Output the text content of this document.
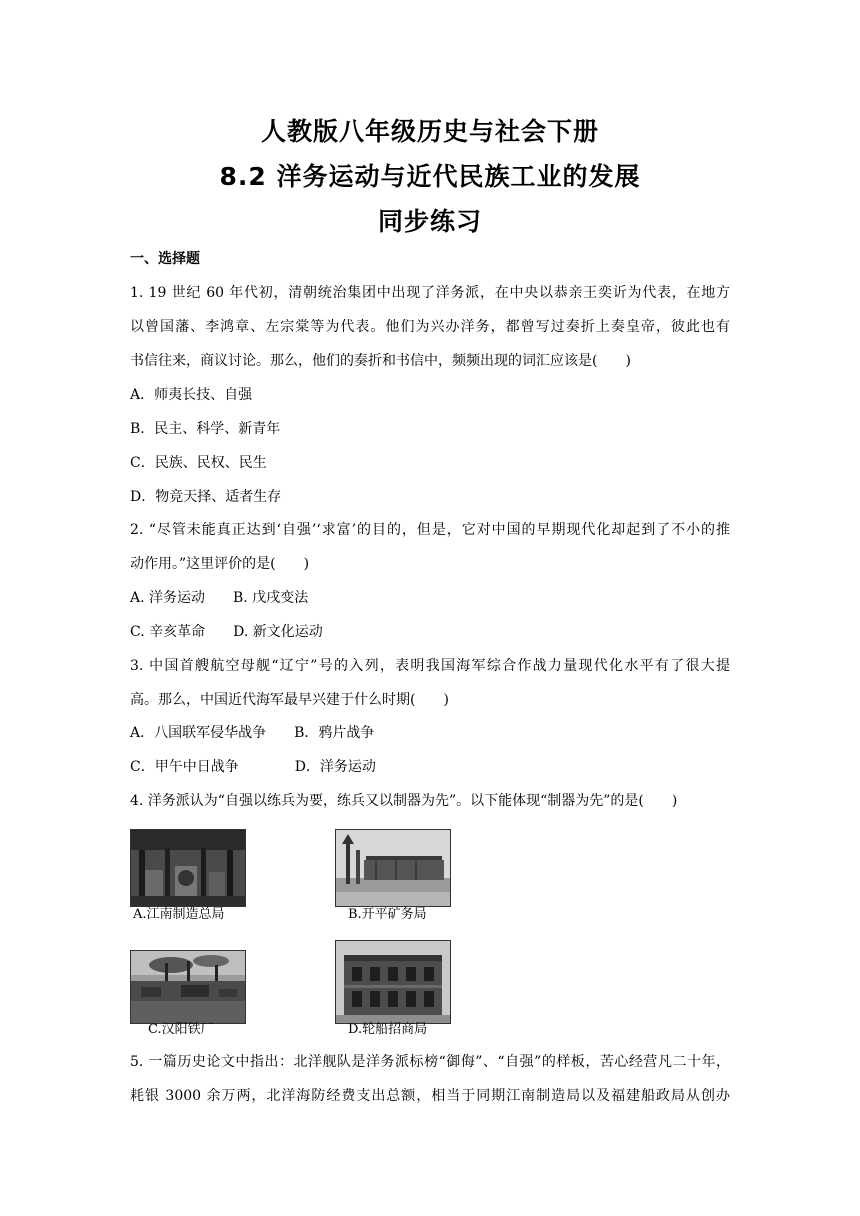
人教版八年级历史与社会下册
8.2 洋务运动与近代民族工业的发展
同步练习
一、选择题
1. 19 世纪 60 年代初，清朝统治集团中出现了洋务派，在中央以恭亲王奕䜣为代表，在地方
以曾国藩、李鸿章、左宗棠等为代表。他们为兴办洋务，都曾写过奏折上奏皇帝，彼此也有
书信往来，商议讨论。那么，他们的奏折和书信中，频频出现的词汇应该是(　　)
A．师夷长技、自强
B．民主、科学、新青年
C．民族、民权、民生
D．物竞天择、适者生存
2. “尽管未能真正达到‘自强’‘求富’的目的，但是，它对中国的早期现代化却起到了不小的推
动作用。”这里评价的是(　　)
A. 洋务运动　　B. 戊戌变法
C. 辛亥革命　　D. 新文化运动
3. 中国首艘航空母舰“辽宁”号的入列，表明我国海军综合作战力量现代化水平有了很大提
高。那么，中国近代海军最早兴建于什么时期(　　)
A．八国联军侵华战争　　B．鸦片战争
C．甲午中日战争　　　　D．洋务运动
4. 洋务派认为“自强以练兵为要，练兵又以制器为先”。以下能体现“制器为先”的是(　　)
A.江南制造总局	B.开平矿务局
C.汉阳铁厂	D.轮船招商局
5. 一篇历史论文中指出：北洋舰队是洋务派标榜“御侮”、“自强”的样板，苦心经营凡二十年，
耗银 3000 余万两，北洋海防经费支出总额，相当于同期江南制造局以及福建船政局从创办
